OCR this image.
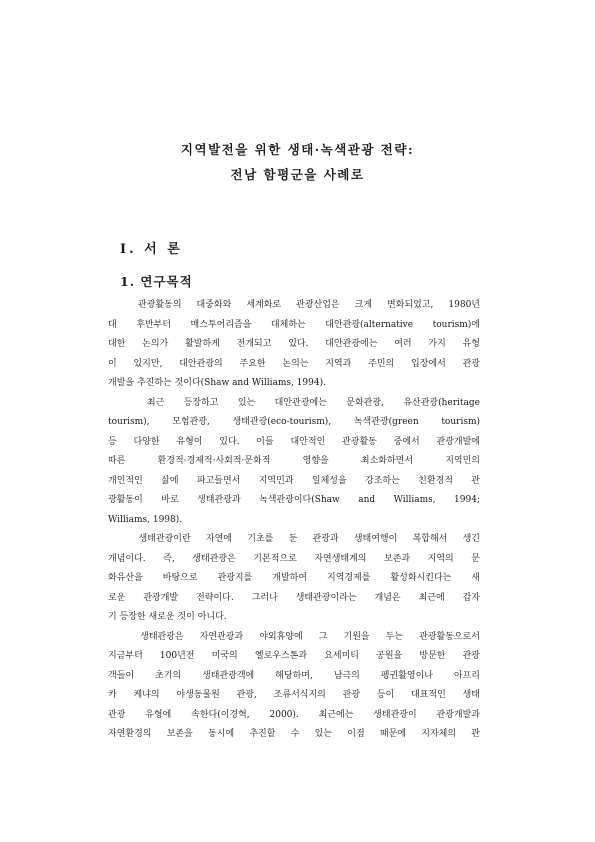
지역발전을 위한 생태·녹색관광 전략:
전남 함평군을 사례로
Ⅰ. 서 론
1. 연구목적
관광활동의 대중화와 세계화로 관광산업은 크게 변화되었고, 1980년
대 후반부터 매스투어리즘을 대체하는 대안관광(alternative tourism)에
대한 논의가 활발하게 전개되고 있다. 대안관광에는 여러 가지 유형
이 있지만, 대안관광의 주요한 논의는 지역과 주민의 입장에서 관광
개발을 추진하는 것이다(Shaw and Williams, 1994).
최근 등장하고 있는 대안관광에는 문화관광, 유산관광(heritage
tourism), 모험관광, 생태관광(eco-tourism), 녹색관광(green tourism)
등 다양한 유형이 있다. 이들 대안적인 관광활동 중에서 관광개발에
따른 환경적·경제적·사회적·문화적 영향을 최소화하면서 지역민의
개인적인 삶에 파고들면서 지역민과 일체성을 강조하는 친환경적 관
광활동이 바로 생태관광과 녹색관광이다(Shaw and Williams, 1994;
Williams, 1998).
생태관광이란 자연에 기초를 둔 관광과 생태여행이 복합해서 생긴
개념이다. 즉, 생태관광은 기본적으로 자연생태계의 보존과 지역의 문
화유산을 바탕으로 관광지를 개발하여 지역경제를 활성화시킨다는 새
로운 관광개발 전략이다. 그러나 생태관광이라는 개념은 최근에 갑자
기 등장한 새로운 것이 아니다.
생태관광은 자연관광과 야외휴양에 그 기원을 두는 관광활동으로서
지금부터 100년전 미국의 옐로우스톤과 요세미티 공원을 방문한 관광
객들이 초기의 생태관광객에 해당하며, 남극의 펭귄활영이나 아프리
카 케냐의 야생동물원 관광, 조류서식지의 관광 등이 대표적인 생태
관광 유형에 속한다(이경혁, 2000). 최근에는 생태관광이 관광개발과
자연환경의 보존을 동시에 추진할 수 있는 이점 때문에 지자체의 관
